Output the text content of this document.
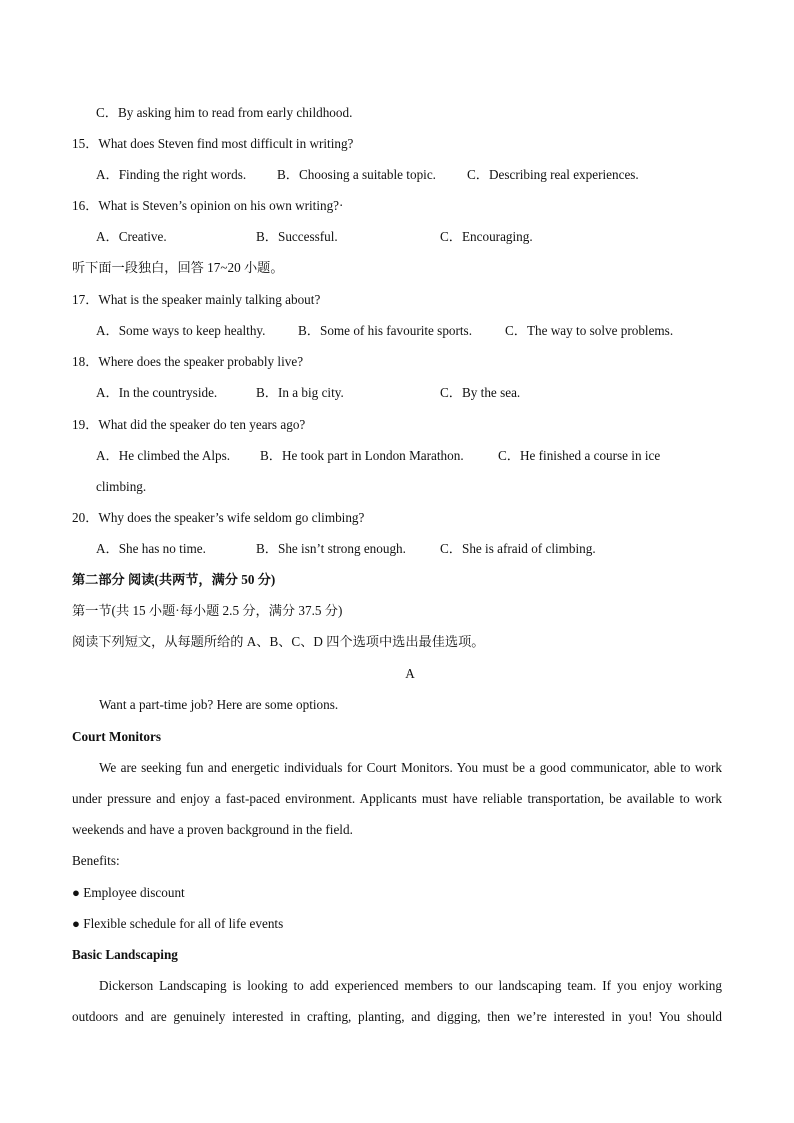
C．By asking him to read from early childhood.
15．What does Steven find most difficult in writing?
A．Finding the right words. B．Choosing a suitable topic. C．Describing real experiences.
16．What is Steven’s opinion on his own writing?·
A．Creative.	B．Successful.	C．Encouraging.
听下面一段独白，回答 17~20 小题。
17．What is the speaker mainly talking about?
A．Some ways to keep healthy. B．Some of his favourite sports.	C．The way to solve problems.
18．Where does the speaker probably live?
A．In the countryside.	B．In a big city.	C．By the sea.
19．What did the speaker do ten years ago?
A．He climbed the Alps. B．He took part in London Marathon.	C．He finished a course in ice
climbing.
20．Why does the speaker’s wife seldom go climbing?
A．She has no time.	B．She isn’t strong enough.	C．She is afraid of climbing.
第二部分 阅读(共两节，满分 50 分)
第一节(共 15 小题·每小题 2.5 分，满分 37.5 分)
阅读下列短文，从每题所给的 A、B、C、D 四个选项中选出最佳选项。
A
Want a part-time job? Here are some options.
Court Monitors
We are seeking fun and energetic individuals for Court Monitors. You must be a good communicator, able to work under pressure and enjoy a fast-paced environment. Applicants must have reliable transportation, be available to work weekends and have a proven background in the field.
Benefits:
● Employee discount
● Flexible schedule for all of life events
Basic Landscaping
Dickerson Landscaping is looking to add experienced members to our landscaping team. If you enjoy working outdoors and are genuinely interested in crafting, planting, and digging, then we’re interested in you! You should
